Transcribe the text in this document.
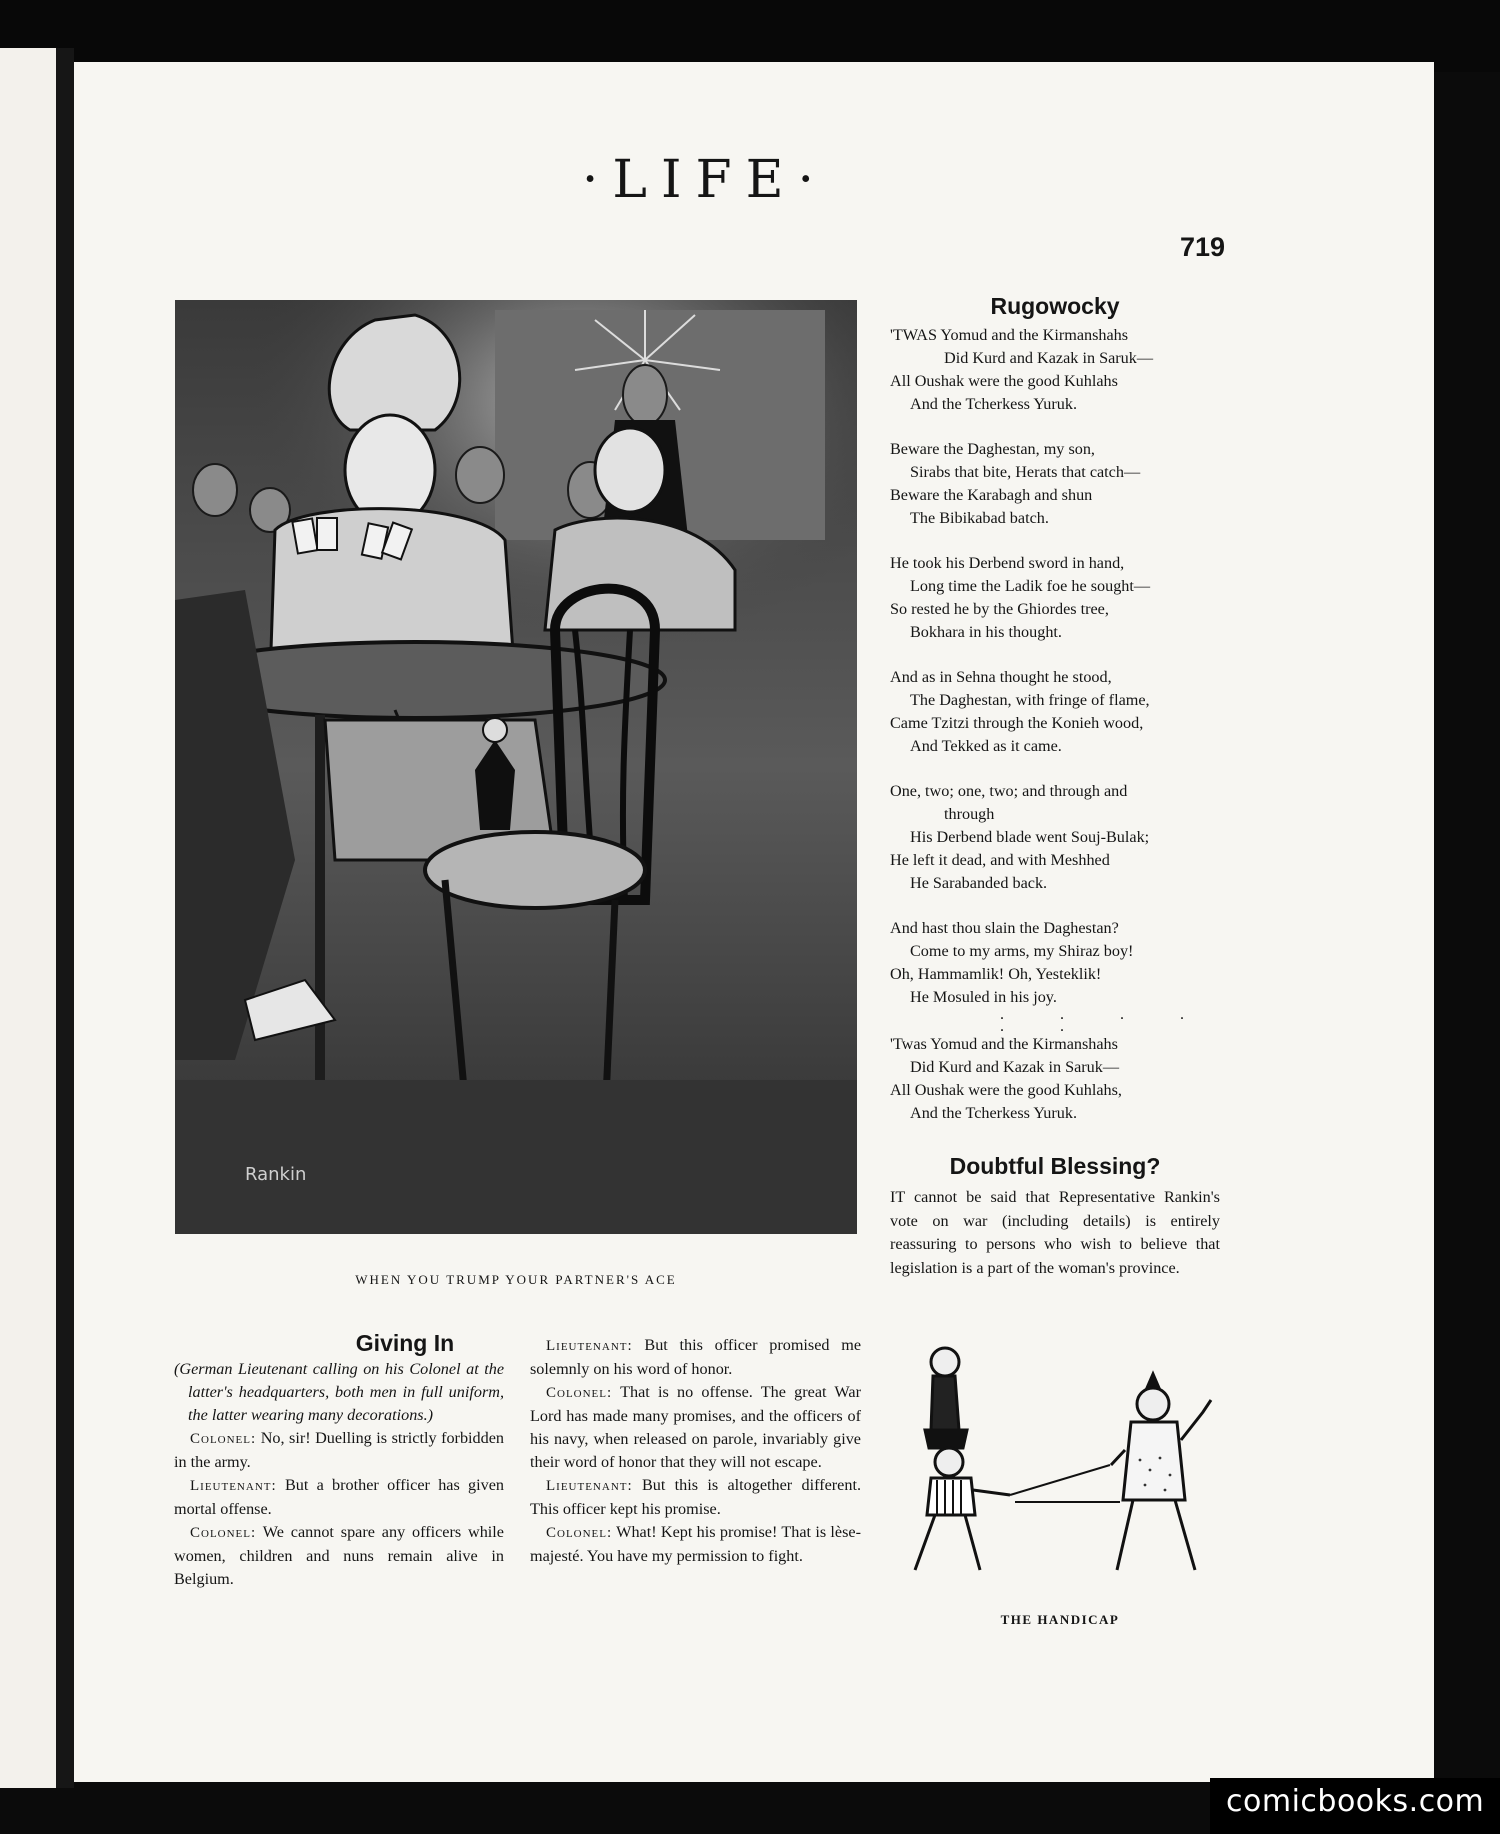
·LIFE·
719
Rankin
WHEN YOU TRUMP YOUR PARTNER'S ACE
Rugowocky
'TWAS Yomud and the Kirmanshahs
Did Kurd and Kazak in Saruk—
All Oushak were the good Kuhlahs
And the Tcherkess Yuruk.
Beware the Daghestan, my son,
Sirabs that bite, Herats that catch—
Beware the Karabagh and shun
The Bibikabad batch.
He took his Derbend sword in hand,
Long time the Ladik foe he sought—
So rested he by the Ghiordes tree,
Bokhara in his thought.
And as in Sehna thought he stood,
The Daghestan, with fringe of flame,
Came Tzitzi through the Konieh wood,
And Tekked as it came.
One, two; one, two; and through and
through
His Derbend blade went Souj-Bulak;
He left it dead, and with Meshhed
He Sarabanded back.
And hast thou slain the Daghestan?
Come to my arms, my Shiraz boy!
Oh, Hammamlik! Oh, Yesteklik!
He Mosuled in his joy.
. . . . . .
'Twas Yomud and the Kirmanshahs
Did Kurd and Kazak in Saruk—
All Oushak were the good Kuhlahs,
And the Tcherkess Yuruk.
Doubtful Blessing?
IT cannot be said that Representative Rankin's vote on war (including details) is entirely reassuring to persons who wish to believe that legislation is a part of the woman's province.
Giving In
(German Lieutenant calling on his Colonel at the latter's headquarters, both men in full uniform, the latter wearing many decorations.)
Colonel: No, sir! Duelling is strictly forbidden in the army.
Lieutenant: But a brother officer has given mortal offense.
Colonel: We cannot spare any officers while women, children and nuns remain alive in Belgium.
Lieutenant: But this officer promised me solemnly on his word of honor.
Colonel: That is no offense. The great War Lord has made many promises, and the officers of his navy, when released on parole, invariably give their word of honor that they will not escape.
Lieutenant: But this is altogether different. This officer kept his promise.
Colonel: What! Kept his promise! That is lèse-majesté. You have my permission to fight.
THE HANDICAP
comicbooks.com
